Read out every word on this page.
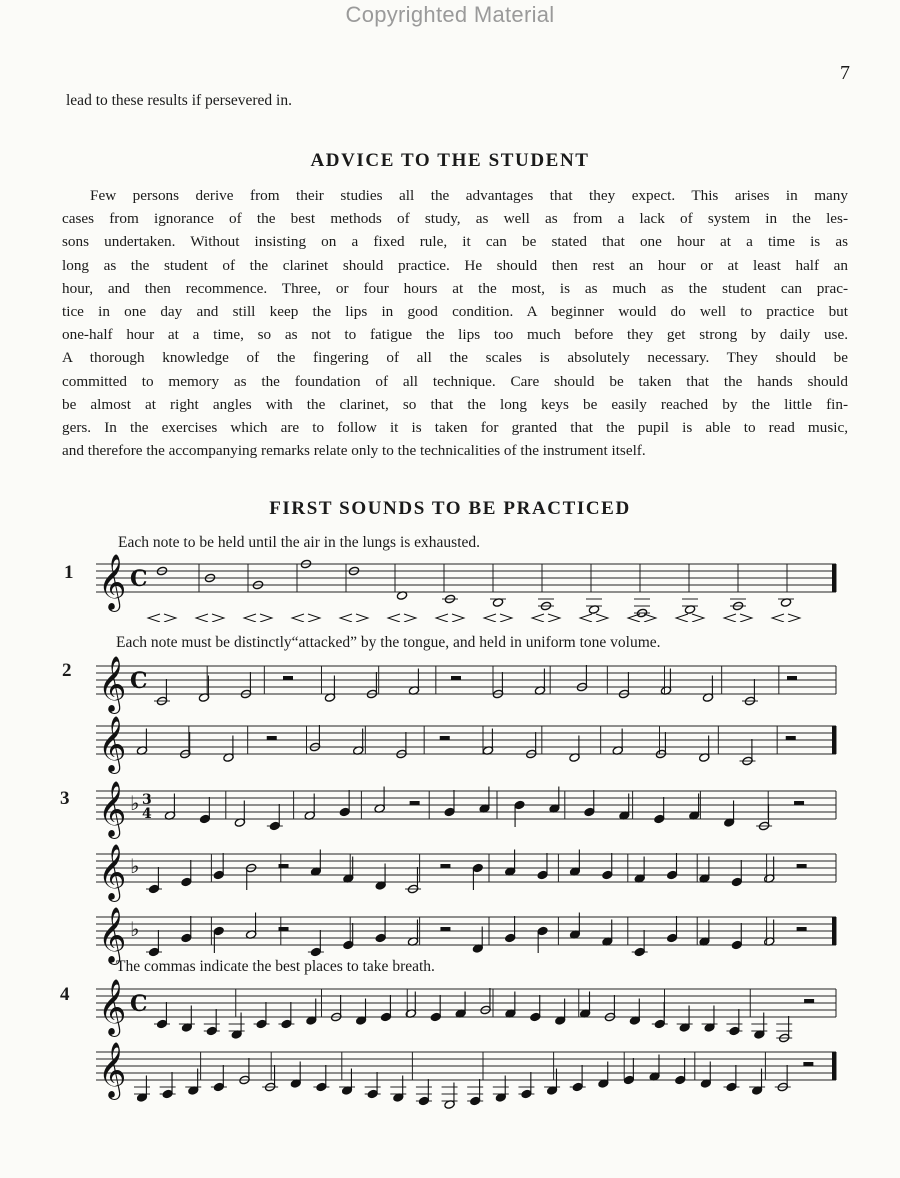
Copyrighted Material
7
lead to these results if persevered in.
ADVICE TO THE STUDENT

Few persons derive from their studies all the advantages that they expect. This arises in many
cases from ignorance of the best methods of study, as well as from a lack of system in the les-
sons undertaken. Without insisting on a fixed rule, it can be stated that one hour at a time is as
long as the student of the clarinet should practice. He should then rest an hour or at least half an
hour, and then recommence. Three, or four hours at the most, is as much as the student can prac-
tice in one day and still keep the lips in good condition. A beginner would do well to practice but
one-half hour at a time, so as not to fatigue the lips too much before they get strong by daily use.
A thorough knowledge of the fingering of all the scales is absolutely necessary. They should be
committed to memory as the foundation of all technique. Care should be taken that the hands should
be almost at right angles with the clarinet, so that the long keys be easily reached by the little fin-
gers. In the exercises which are to follow it is taken for granted that the pupil is able to read music,
and therefore the accompanying remarks relate only to the technicalities of the instrument itself.

FIRST SOUNDS TO BE PRACTICED
Each note to be held until the air in the lungs is exhausted.
Each note must be distinctly“attacked” by the tongue, and held in uniform tone volume.
The commas indicate the best places to take breath.
1
2
3
4
𝄞 C
𝄞 C
𝄞
𝄞 ♭ 3
4
𝄞 ♭
𝄞 ♭
𝄞 C
𝄞
